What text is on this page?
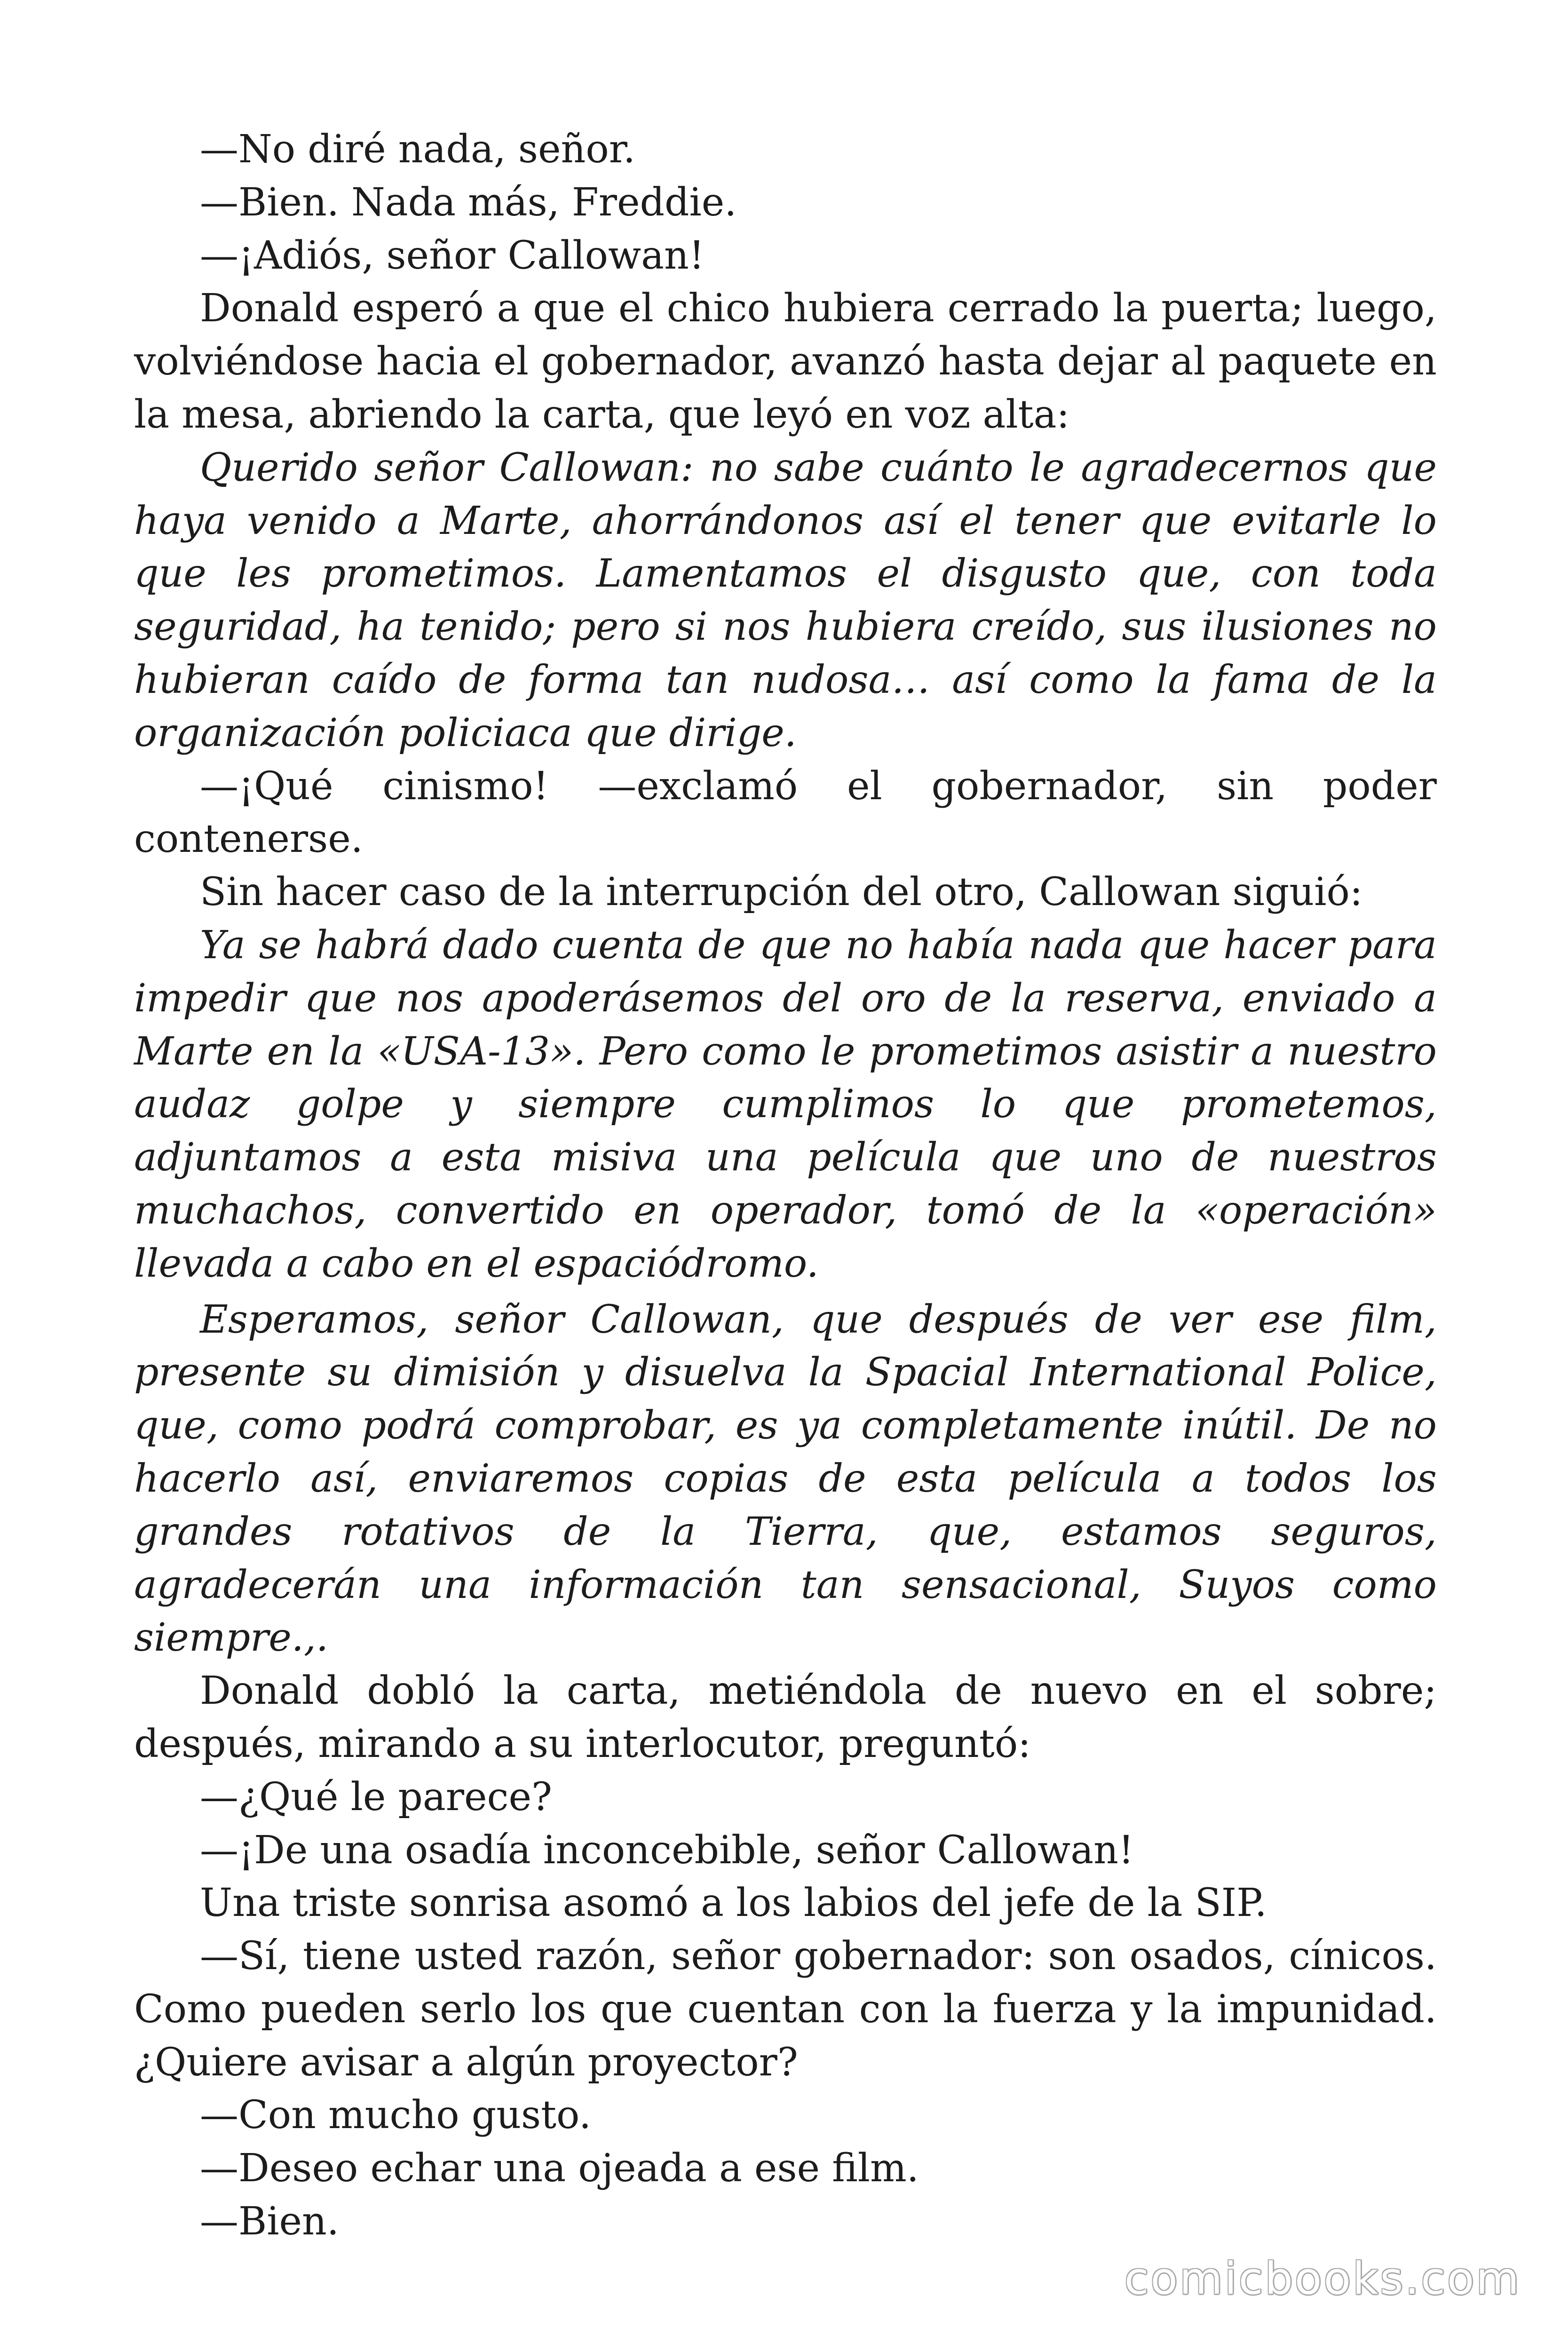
—No diré nada, señor.

—Bien. Nada más, Freddie.

—¡Adiós, señor Callowan!

Donald esperó a que el chico hubiera cerrado la puerta; luego, volviéndose hacia el gobernador, avanzó hasta dejar al paquete en la mesa, abriendo la carta, que leyó en voz alta:

Querido señor Callowan: no sabe cuánto le agradecernos que haya venido a Marte, ahorrándonos así el tener que evitarle lo que les prometimos. Lamentamos el disgusto que, con toda seguridad, ha tenido; pero si nos hubiera creído, sus ilusiones no hubieran caído de forma tan nudosa… así como la fama de la organización policiaca que dirige.

—¡Qué cinismo! —exclamó el gobernador, sin poder contenerse.

Sin hacer caso de la interrupción del otro, Callowan siguió:

Ya se habrá dado cuenta de que no había nada que hacer para impedir que nos apoderásemos del oro de la reserva, enviado a Marte en la «USA-13». Pero como le prometimos asistir a nuestro audaz golpe y siempre cumplimos lo que prometemos, adjuntamos a esta misiva una película que uno de nuestros muchachos, convertido en operador, tomó de la «operación» llevada a cabo en el espaciódromo.

Esperamos, señor Callowan, que después de ver ese film, presente su dimisión y disuelva la Spacial International Police, que, como podrá comprobar, es ya completamente inútil. De no hacerlo así, enviaremos copias de esta película a todos los grandes rotativos de la Tierra, que, estamos seguros, agradecerán una información tan sensacional, Suyos como siempre.,.

Donald dobló la carta, metiéndola de nuevo en el sobre; después, mirando a su interlocutor, preguntó:

—¿Qué le parece?

—¡De una osadía inconcebible, señor Callowan!

Una triste sonrisa asomó a los labios del jefe de la SIP.

—Sí, tiene usted razón, señor gobernador: son osados, cínicos. Como pueden serlo los que cuentan con la fuerza y la impunidad. ¿Quiere avisar a algún proyector?

—Con mucho gusto.

—Deseo echar una ojeada a ese film.

—Bien.

comicbooks.com
